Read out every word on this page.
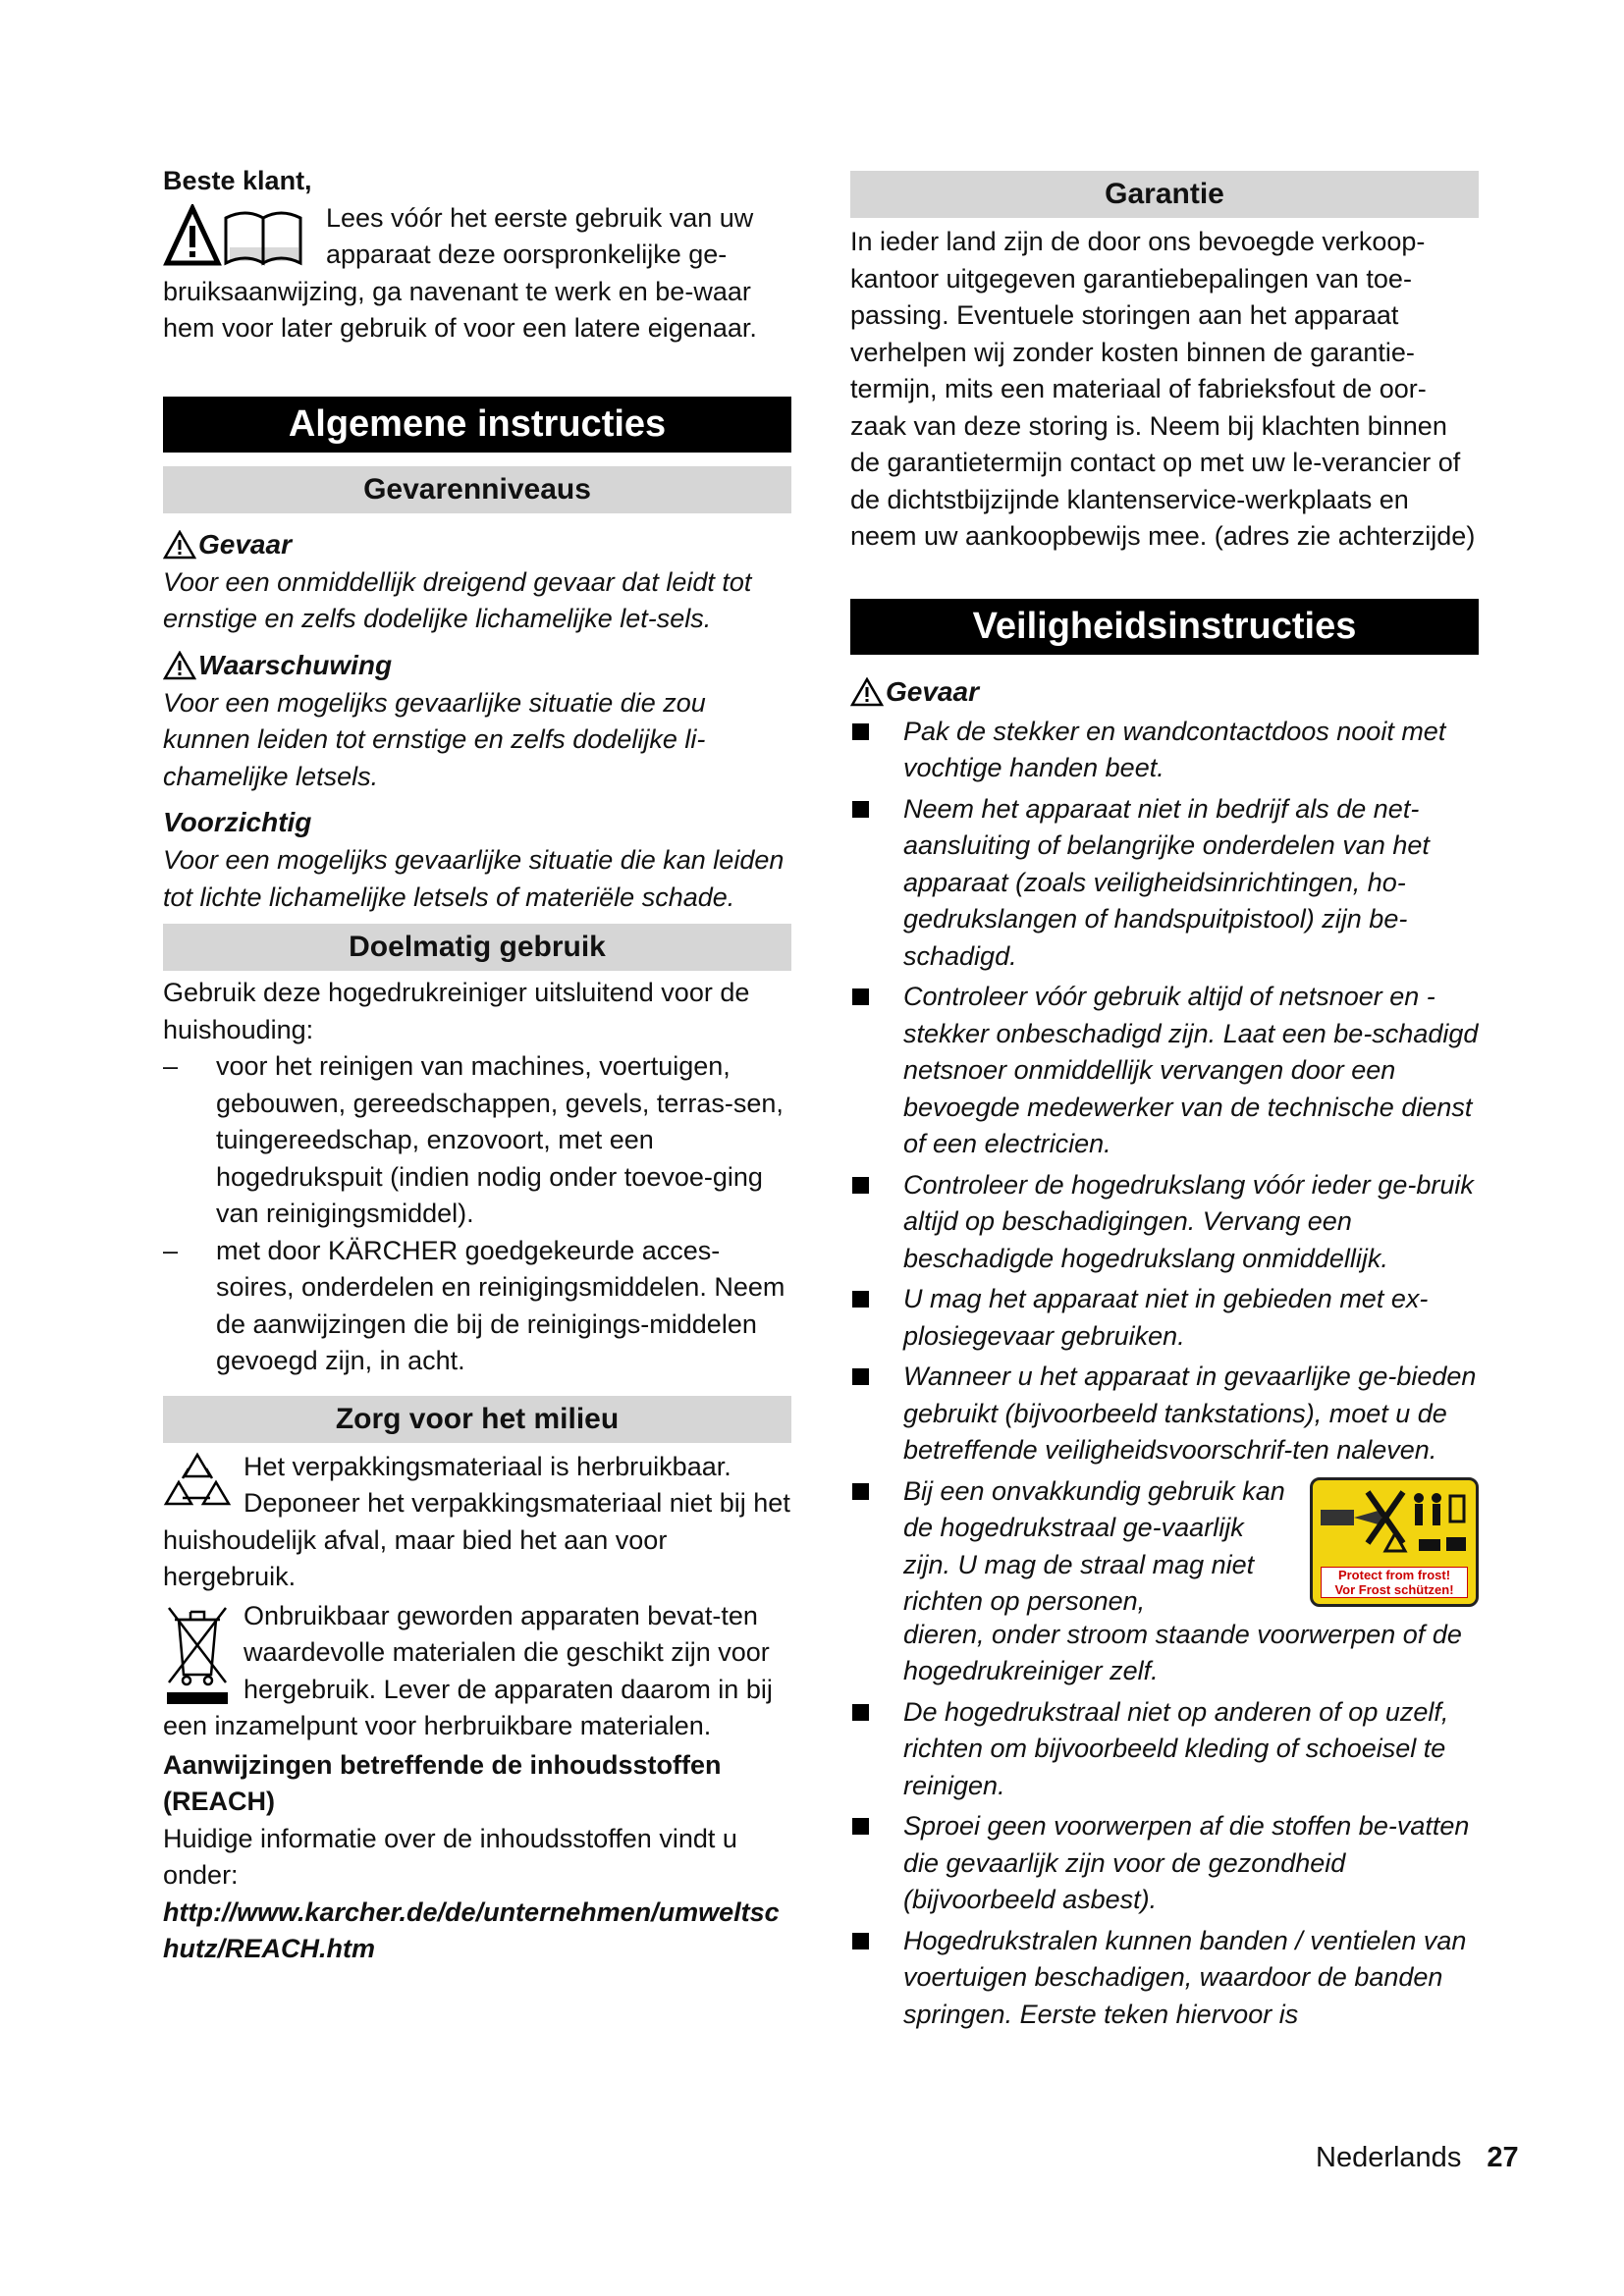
Beste klant,

Lees vóór het eerste gebruik van uw

apparaat deze oorspronkelijke ge-

bruiksaanwijzing, ga navenant te werk en be-waar hem voor later gebruik of voor een latere eigenaar.

Algemene instructies
Gevarenniveaus
Gevaar

Voor een onmiddellijk dreigend gevaar dat leidt tot ernstige en zelfs dodelijke lichamelijke let-sels.

Waarschuwing

Voor een mogelijks gevaarlijke situatie die zou kunnen leiden tot ernstige en zelfs dodelijke li-chamelijke letsels.

Voorzichtig

Voor een mogelijks gevaarlijke situatie die kan leiden tot lichte lichamelijke letsels of materiële schade.

Doelmatig gebruik

Gebruik deze hogedrukreiniger uitsluitend voor de huishouding:

– voor het reinigen van machines, voertuigen, gebouwen, gereedschappen, gevels, terras-sen, tuingereedschap, enzovoort, met een hogedrukspuit (indien nodig onder toevoe-ging van reinigingsmiddel).
– met door KÄRCHER goedgekeurde acces-soires, onderdelen en reinigingsmiddelen. Neem de aanwijzingen die bij de reinigings-middelen gevoegd zijn, in acht.
Zorg voor het milieu

Het verpakkingsmateriaal is herbruikbaar. Deponeer het verpakkingsmateriaal niet bij het huishoudelijk afval, maar bied het aan voor hergebruik.

Onbruikbaar geworden apparaten bevat-ten waardevolle materialen die geschikt zijn voor hergebruik. Lever de apparaten daarom in bij een inzamelpunt voor herbruikbare materialen.

Aanwijzingen betreffende de inhoudsstoffen (REACH)

Huidige informatie over de inhoudsstoffen vindt u onder:

http://www.karcher.de/de/unternehmen/umweltschutz/REACH.htm
Garantie

In ieder land zijn de door ons bevoegde verkoop-kantoor uitgegeven garantiebepalingen van toe-passing. Eventuele storingen aan het apparaat verhelpen wij zonder kosten binnen de garantie-termijn, mits een materiaal of fabrieksfout de oor-zaak van deze storing is. Neem bij klachten binnen de garantietermijn contact op met uw le-verancier of de dichtstbijzijnde klantenservice-werkplaats en neem uw aankoopbewijs mee. (adres zie achterzijde)

Veiligheidsinstructies
Gevaar
Pak de stekker en wandcontactdoos nooit met vochtige handen beet.
Neem het apparaat niet in bedrijf als de net-aansluiting of belangrijke onderdelen van het apparaat (zoals veiligheidsinrichtingen, ho-gedrukslangen of handspuitpistool) zijn be-schadigd.
Controleer vóór gebruik altijd of netsnoer en -stekker onbeschadigd zijn. Laat een be-schadigd netsnoer onmiddellijk vervangen door een bevoegde medewerker van de technische dienst of een electricien.
Controleer de hogedrukslang vóór ieder ge-bruik altijd op beschadigingen. Vervang een beschadigde hogedrukslang onmiddellijk.
U mag het apparaat niet in gebieden met ex-plosiegevaar gebruiken.
Wanneer u het apparaat in gevaarlijke ge-bieden gebruikt (bijvoorbeeld tankstations), moet u de betreffende veiligheidsvoorschrif-ten naleven.
Bij een onvakkundig gebruik kan de hogedrukstraal ge-vaarlijk zijn. U mag de straal mag niet richten op personen,
Protect from frost!
Vor Frost schützen!
dieren, onder stroom staande voorwerpen of de hogedrukreiniger zelf.
De hogedrukstraal niet op anderen of op uzelf, richten om bijvoorbeeld kleding of schoeisel te reinigen.
Sproei geen voorwerpen af die stoffen be-vatten die gevaarlijk zijn voor de gezondheid (bijvoorbeeld asbest).
Hogedrukstralen kunnen banden / ventielen van voertuigen beschadigen, waardoor de banden springen. Eerste teken hiervoor is
Nederlands 27
